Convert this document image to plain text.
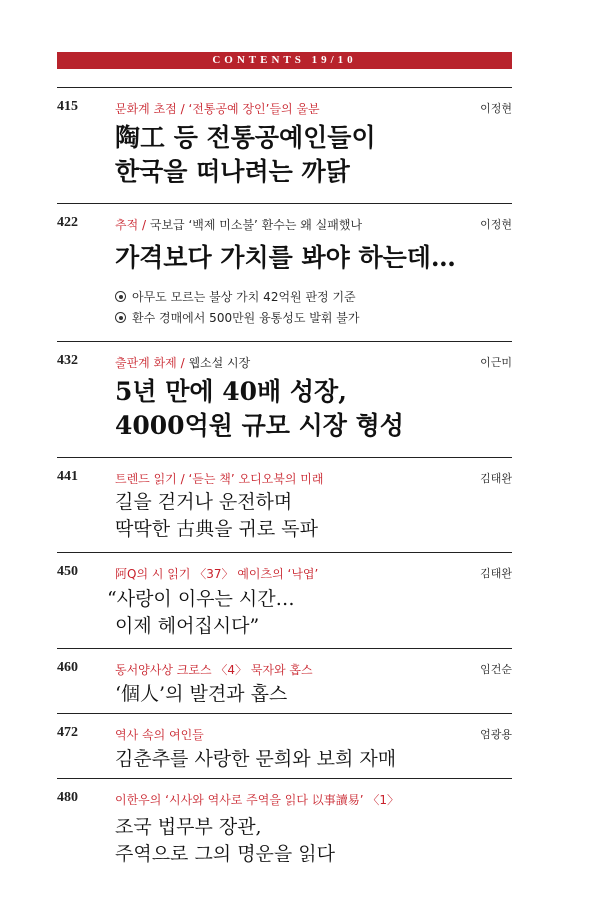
CONTENTS 19/10
415	문화계 초점 / ‘전통공예 장인’들의 울분	이정현
陶工 등 전통공예인들이
한국을 떠나려는 까닭
422	추적 / 국보급 ‘백제 미소불’ 환수는 왜 실패했나	이정현
가격보다 가치를 봐야 하는데…
아무도 모르는 불상 가치 42억원 판정 기준
환수 경매에서 500만원 융통성도 발휘 불가
432	출판계 화제 / 웹소설 시장	이근미
5년 만에 40배 성장,
4000억원 규모 시장 형성
441	트렌드 읽기 / ‘듣는 책’ 오디오북의 미래	김태완
길을 걷거나 운전하며
딱딱한 古典을 귀로 독파
450	阿Q의 시 읽기 〈37〉 예이츠의 ‘낙엽’	김태완
“사랑이 이우는 시간…
이제 헤어집시다”
460	동서양사상 크로스 〈4〉 묵자와 홉스	임건순
‘個人’의 발견과 홉스
472	역사 속의 여인들	엄광용
김춘추를 사랑한 문희와 보희 자매
480	이한우의 ‘시사와 역사로 주역을 읽다 以事讀易’ 〈1〉
조국 법무부 장관,
주역으로 그의 명운을 읽다
